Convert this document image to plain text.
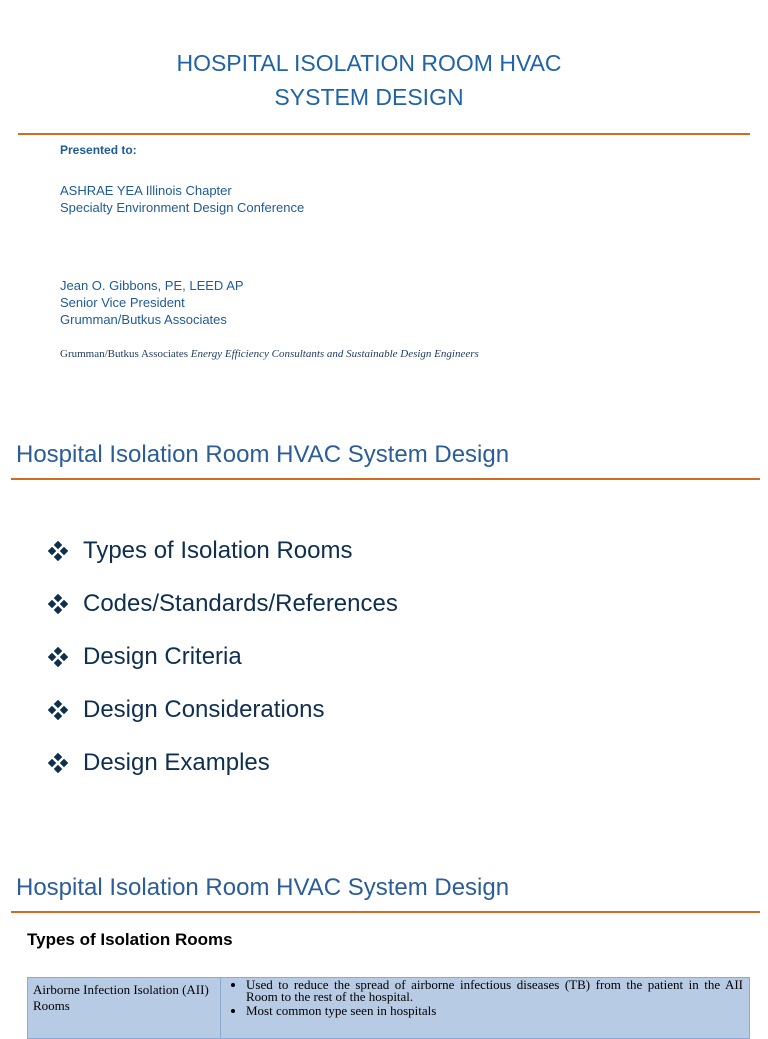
HOSPITAL ISOLATION ROOM HVAC
SYSTEM DESIGN
Presented to:
ASHRAE YEA Illinois Chapter
Specialty Environment Design Conference
Jean O. Gibbons, PE, LEED AP
Senior Vice President
Grumman/Butkus Associates
Grumman/Butkus Associates Energy Efficiency Consultants and Sustainable Design Engineers
Hospital Isolation Room HVAC System Design
Types of Isolation Rooms
Codes/Standards/References
Design Criteria
Design Considerations
Design Examples
Hospital Isolation Room HVAC System Design
Types of Isolation Rooms
Airborne Infection Isolation (AII) Rooms
• Used to reduce the spread of airborne infectious diseases (TB) from the patient in the AII Room to the rest of the hospital.
• Most common type seen in hospitals
